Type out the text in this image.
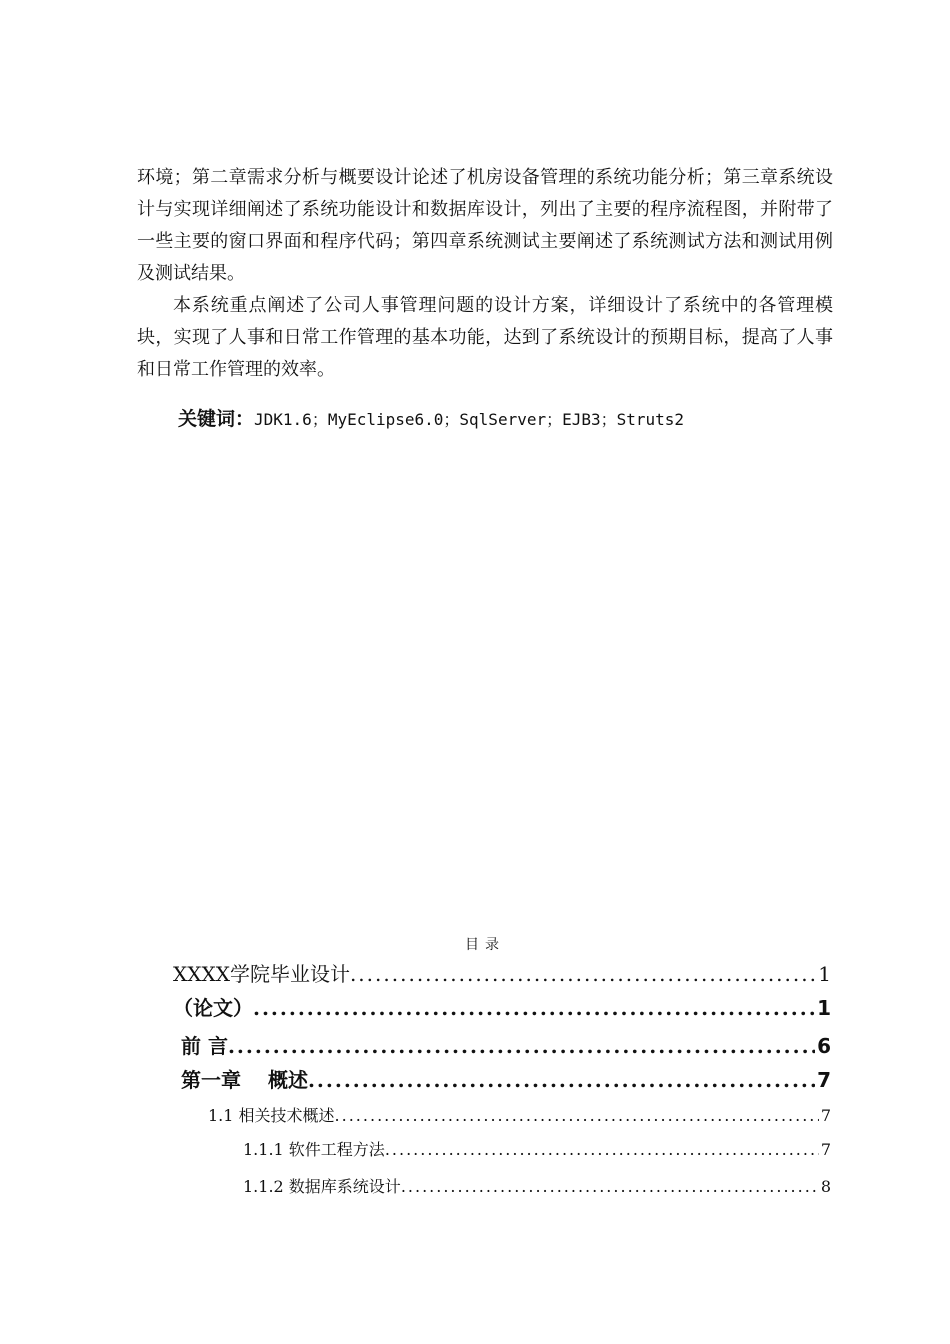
环境；第二章需求分析与概要设计论述了机房设备管理的系统功能分析；第三章系统设计与实现详细阐述了系统功能设计和数据库设计，列出了主要的程序流程图，并附带了一些主要的窗口界面和程序代码；第四章系统测试主要阐述了系统测试方法和测试用例及测试结果。

本系统重点阐述了公司人事管理问题的设计方案，详细设计了系统中的各管理模块，实现了人事和日常工作管理的基本功能，达到了系统设计的预期目标，提高了人事和日常工作管理的效率。

关键词：JDK1.6；MyEclipse6.0；SqlServer；EJB3；Struts2
目录
XXXX学院毕业设计 .....	1
（论文） .....	1
前 言 .....	6
第一章　 概述 .....	7
1.1 相关技术概述 .....	7
1.1.1 软件工程方法 .....	7
1.1.2 数据库系统设计 .....	8
